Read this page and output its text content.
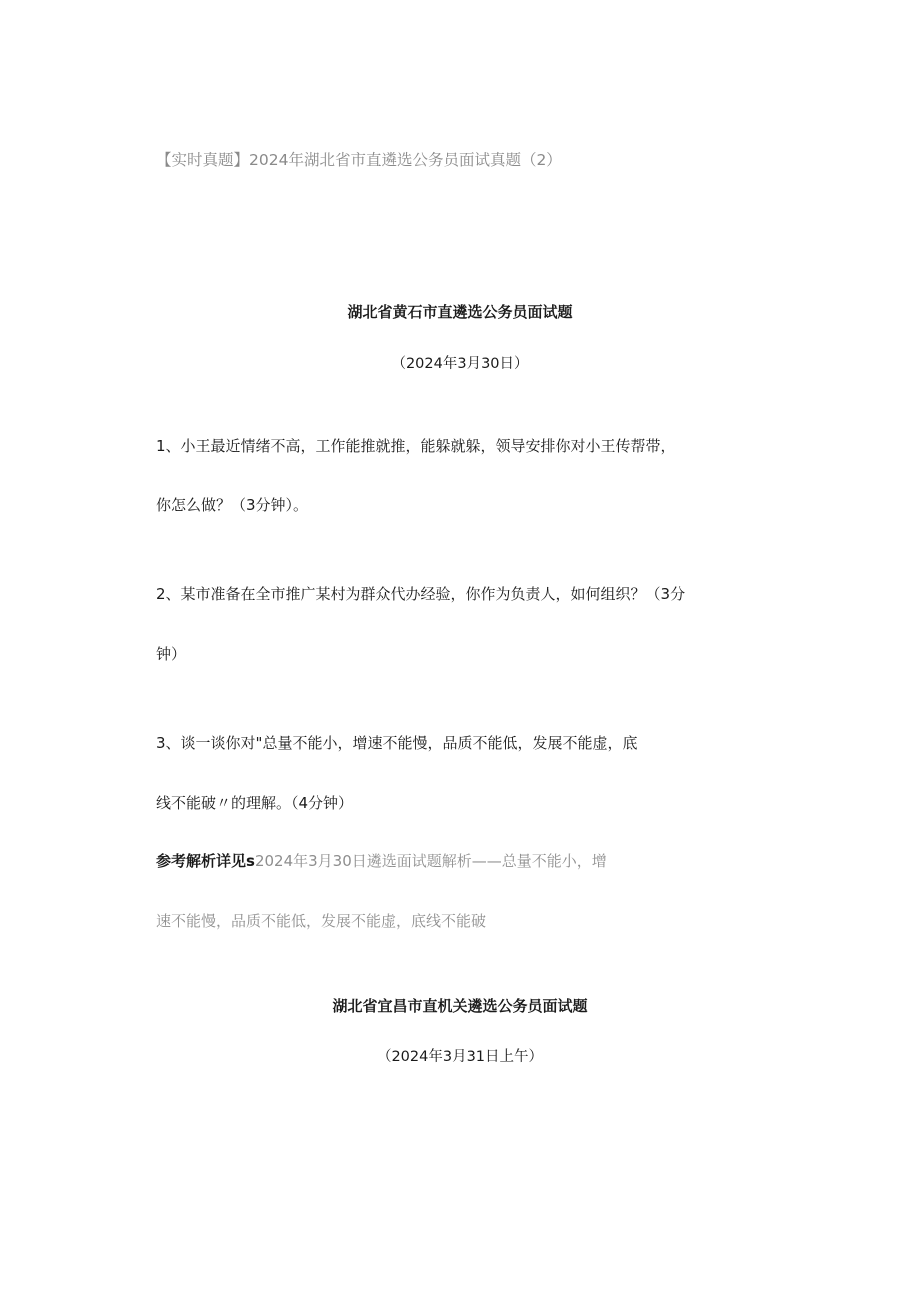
【实时真题】2024年湖北省市直遴选公务员面试真题（2）
湖北省黄石市直遴选公务员面试题
（2024年3月30日）
1、小王最近情绪不高，工作能推就推，能躲就躲，领导安排你对小王传帮带，
你怎么做？（3分钟）。
2、某市准备在全市推广某村为群众代办经验，你作为负责人，如何组织？（3分
钟）
3、谈一谈你对"总量不能小，增速不能慢，品质不能低，发展不能虚，底
线不能破〃的理解。（4分钟）
参考解析详见s2024年3月30日遴选面试题解析——总量不能小，增
速不能慢，品质不能低，发展不能虚，底线不能破
湖北省宜昌市直机关遴选公务员面试题
（2024年3月31日上午）
